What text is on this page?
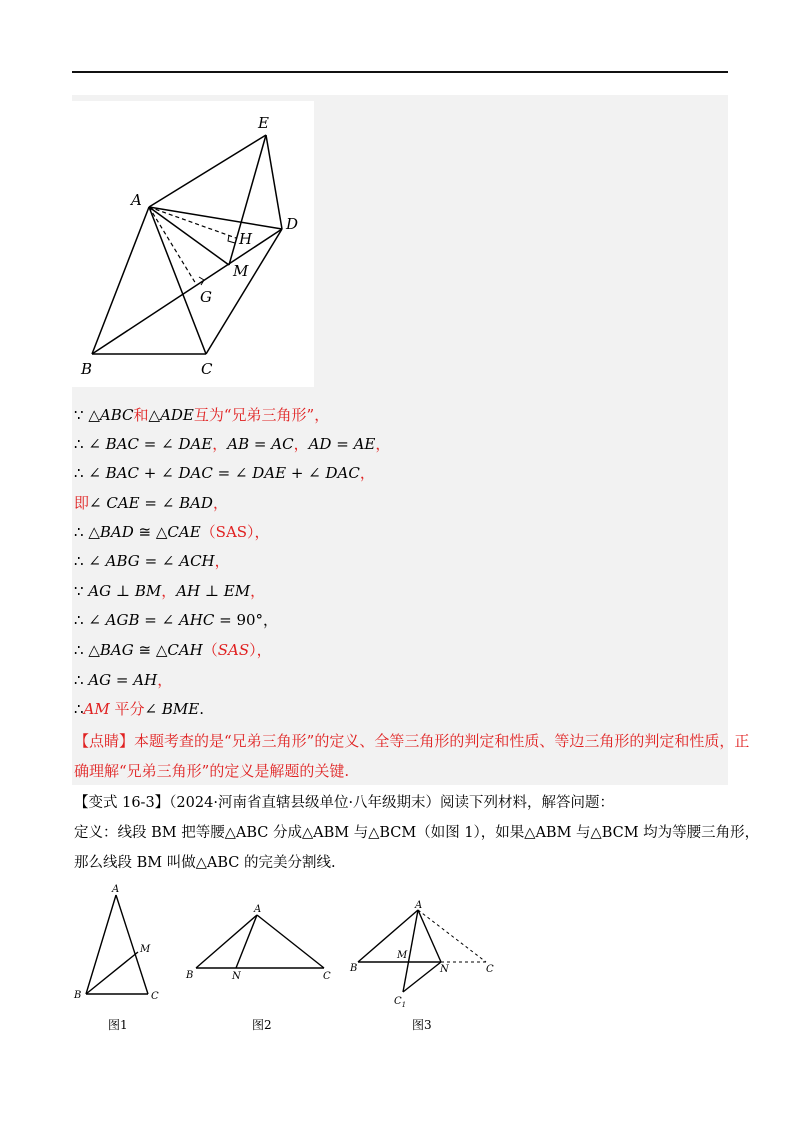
E
A
D
H
M
G
B	C
∵ △ABC和△ADE互为“兄弟三角形”，
∴ ∠ BAC = ∠ DAE，AB = AC，AD = AE，
∴ ∠ BAC + ∠ DAC = ∠ DAE + ∠ DAC，
即∠ CAE = ∠ BAD，
∴ △BAD ≅ △CAE（SAS），
∴ ∠ ABG = ∠ ACH，
∵ AG ⊥ BM，AH ⊥ EM，
∴ ∠ AGB = ∠ AHC = 90°，
∴ △BAG ≅ △CAH（SAS），
∴ AG = AH，
∴AM 平分∠ BME.
【点睛】本题考查的是“兄弟三角形”的定义、全等三角形的判定和性质、等边三角形的判定和性质，正
确理解“兄弟三角形”的定义是解题的关键.
【变式 16-3】（2024·河南省直辖县级单位·八年级期末）阅读下列材料，解答问题：
定义：线段 BM 把等腰△ABC 分成△ABM 与△BCM（如图 1），如果△ABM 与△BCM 均为等腰三角形，
那么线段 BM 叫做△ABC 的完美分割线.
A
M
B	C
A
B	N	C
A
M
B	N	C
$C_1$
图1	图2	图3
